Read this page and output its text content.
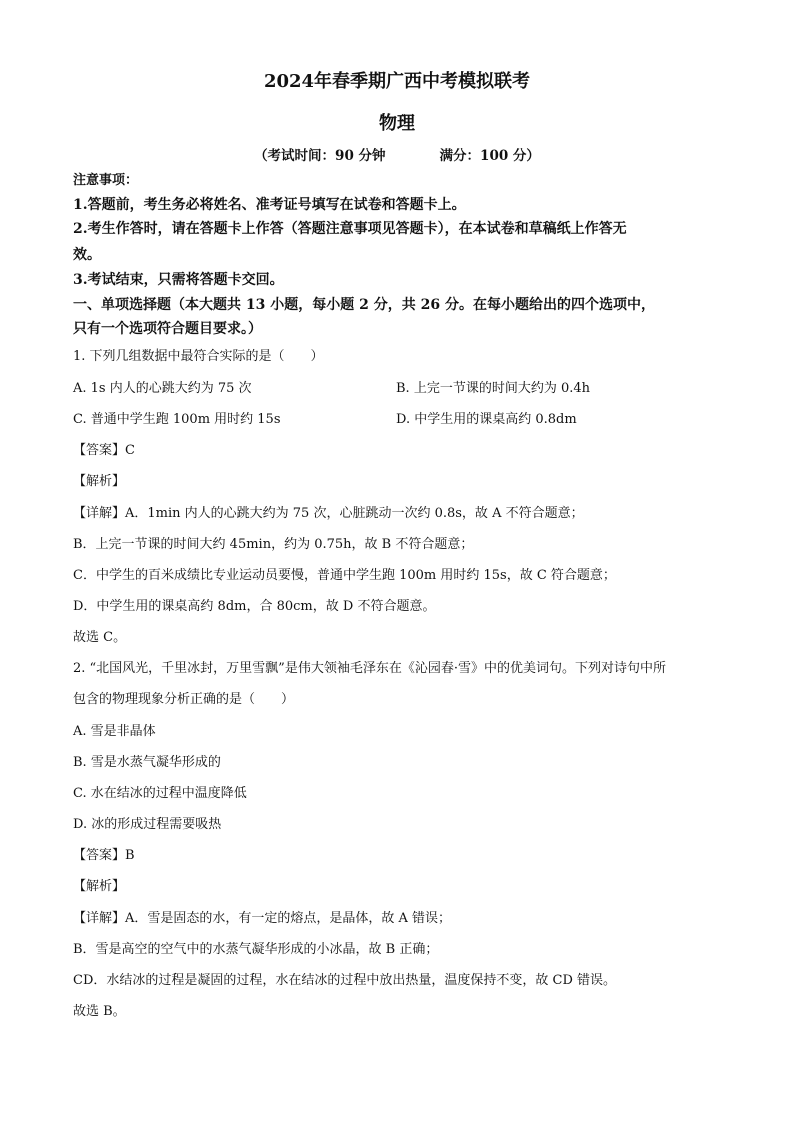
2024年春季期广西中考模拟联考
物理
（考试时间：90 分钟　　　　满分：100 分）
注意事项：
1.答题前，考生务必将姓名、准考证号填写在试卷和答题卡上。
2.考生作答时，请在答题卡上作答（答题注意事项见答题卡），在本试卷和草稿纸上作答无
效。
3.考试结束，只需将答题卡交回。
一、单项选择题（本大题共 13 小题，每小题 2 分，共 26 分。在每小题给出的四个选项中，
只有一个选项符合题目要求。）
1. 下列几组数据中最符合实际的是（　　）
A. 1s 内人的心跳大约为 75 次	B. 上完一节课的时间大约为 0.4h
C. 普通中学生跑 100m 用时约 15s	D. 中学生用的课桌高约 0.8dm
【答案】C
【解析】
【详解】A．1min 内人的心跳大约为 75 次，心脏跳动一次约 0.8s，故 A 不符合题意；
B．上完一节课的时间大约 45min，约为 0.75h，故 B 不符合题意；
C．中学生的百米成绩比专业运动员要慢，普通中学生跑 100m 用时约 15s，故 C 符合题意；
D．中学生用的课桌高约 8dm，合 80cm，故 D 不符合题意。
故选 C。
2. “北国风光，千里冰封，万里雪飘”是伟大领袖毛泽东在《沁园春·雪》中的优美词句。下列对诗句中所
包含的物理现象分析正确的是（　　）
A. 雪是非晶体
B. 雪是水蒸气凝华形成的
C. 水在结冰的过程中温度降低
D. 冰的形成过程需要吸热
【答案】B
【解析】
【详解】A．雪是固态的水，有一定的熔点，是晶体，故 A 错误；
B．雪是高空的空气中的水蒸气凝华形成的小冰晶，故 B 正确；
CD．水结冰的过程是凝固的过程，水在结冰的过程中放出热量，温度保持不变，故 CD 错误。
故选 B。
